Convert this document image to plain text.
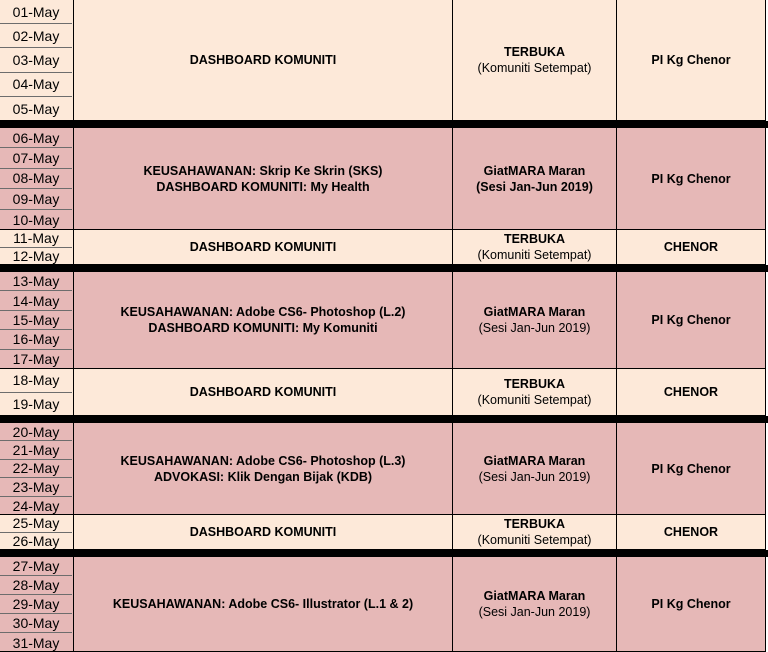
01-May
02-May
03-May
04-May
05-May
DASHBOARD KOMUNITI
TERBUKA
(Komuniti Setempat)
PI Kg Chenor
06-May
07-May
08-May
09-May
10-May
KEUSAHAWANAN: Skrip Ke Skrin (SKS)
DASHBOARD KOMUNITI: My Health
GiatMARA Maran
(Sesi Jan-Jun 2019)
PI Kg Chenor
11-May
12-May
DASHBOARD KOMUNITI
TERBUKA
(Komuniti Setempat)
CHENOR
13-May
14-May
15-May
16-May
17-May
KEUSAHAWANAN: Adobe CS6- Photoshop (L.2)
DASHBOARD KOMUNITI: My Komuniti
GiatMARA Maran
(Sesi Jan-Jun 2019)
PI Kg Chenor
18-May
19-May
DASHBOARD KOMUNITI
TERBUKA
(Komuniti Setempat)
CHENOR
20-May
21-May
22-May
23-May
24-May
KEUSAHAWANAN: Adobe CS6- Photoshop (L.3)
ADVOKASI: Klik Dengan Bijak (KDB)
GiatMARA Maran
(Sesi Jan-Jun 2019)
PI Kg Chenor
25-May
26-May
DASHBOARD KOMUNITI
TERBUKA
(Komuniti Setempat)
CHENOR
27-May
28-May
29-May
30-May
31-May
KEUSAHAWANAN: Adobe CS6- Illustrator (L.1 & 2)
GiatMARA Maran
(Sesi Jan-Jun 2019)
PI Kg Chenor
